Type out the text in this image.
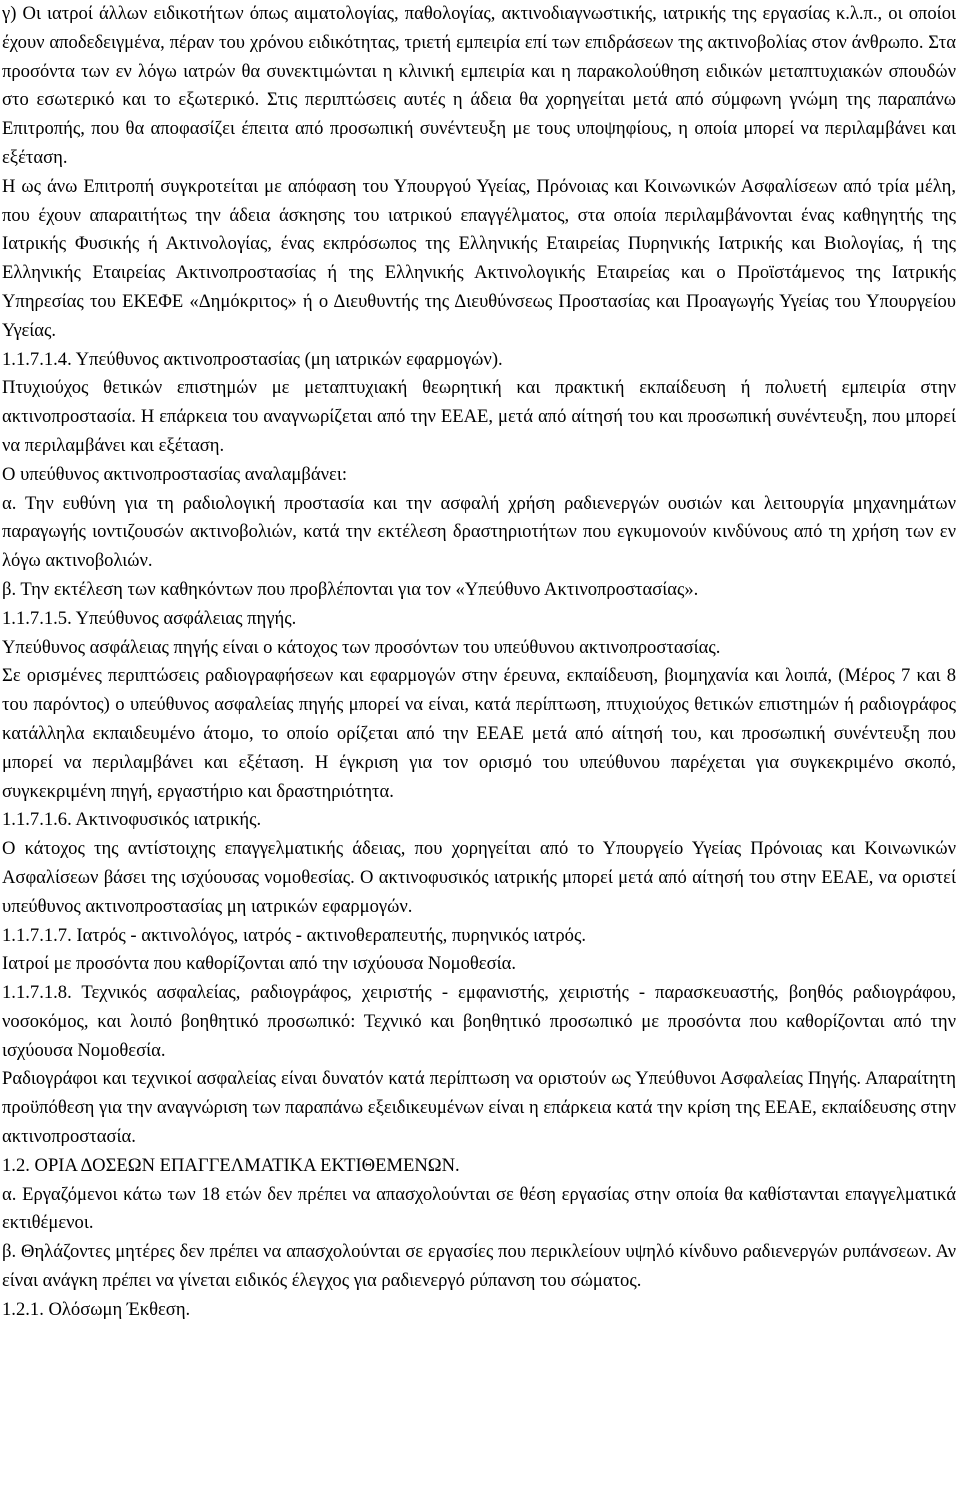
γ) Οι ιατροί άλλων ειδικοτήτων όπως αιματολογίας, παθολογίας, ακτινοδιαγνωστικής, ιατρικής της εργασίας κ.λ.π., οι οποίοι έχουν αποδεδειγμένα, πέραν του χρόνου ειδικότητας, τριετή εμπειρία επί των επιδράσεων της ακτινοβολίας στον άνθρωπο. Στα προσόντα των εν λόγω ιατρών θα συνεκτιμώνται η κλινική εμπειρία και η παρακολούθηση ειδικών μεταπτυχιακών σπουδών στο εσωτερικό και το εξωτερικό. Στις περιπτώσεις αυτές η άδεια θα χορηγείται μετά από σύμφωνη γνώμη της παραπάνω Επιτροπής, που θα αποφασίζει έπειτα από προσωπική συνέντευξη με τους υποψηφίους, η οποία μπορεί να περιλαμβάνει και εξέταση.

Η ως άνω Επιτροπή συγκροτείται με απόφαση του Υπουργού Υγείας, Πρόνοιας και Κοινωνικών Ασφαλίσεων από τρία μέλη, που έχουν απαραιτήτως την άδεια άσκησης του ιατρικού επαγγέλματος, στα οποία περιλαμβάνονται ένας καθηγητής της Ιατρικής Φυσικής ή Ακτινολογίας, ένας εκπρόσωπος της Ελληνικής Εταιρείας Πυρηνικής Ιατρικής και Βιολογίας, ή της Ελληνικής Εταιρείας Ακτινοπροστασίας ή της Ελληνικής Ακτινολογικής Εταιρείας και ο Προϊστάμενος της Ιατρικής Υπηρεσίας του ΕΚΕΦΕ «Δημόκριτος» ή ο Διευθυντής της Διευθύνσεως Προστασίας και Προαγωγής Υγείας του Υπουργείου Υγείας.

1.1.7.1.4. Υπεύθυνος ακτινοπροστασίας (μη ιατρικών εφαρμογών).

Πτυχιούχος θετικών επιστημών με μεταπτυχιακή θεωρητική και πρακτική εκπαίδευση ή πολυετή εμπειρία στην ακτινοπροστασία. Η επάρκεια του αναγνωρίζεται από την ΕΕΑΕ, μετά από αίτησή του και προσωπική συνέντευξη, που μπορεί να περιλαμβάνει και εξέταση.

Ο υπεύθυνος ακτινοπροστασίας αναλαμβάνει:

α. Την ευθύνη για τη ραδιολογική προστασία και την ασφαλή χρήση ραδιενεργών ουσιών και λειτουργία μηχανημάτων παραγωγής ιοντιζουσών ακτινοβολιών, κατά την εκτέλεση δραστηριοτήτων που εγκυμονούν κινδύνους από τη χρήση των εν λόγω ακτινοβολιών.

β. Την εκτέλεση των καθηκόντων που προβλέπονται για τον «Υπεύθυνο Ακτινοπροστασίας».

1.1.7.1.5. Υπεύθυνος ασφάλειας πηγής.

Υπεύθυνος ασφάλειας πηγής είναι ο κάτοχος των προσόντων του υπεύθυνου ακτινοπροστασίας.

Σε ορισμένες περιπτώσεις ραδιογραφήσεων και εφαρμογών στην έρευνα, εκπαίδευση, βιομηχανία και λοιπά, (Μέρος 7 και 8 του παρόντος) ο υπεύθυνος ασφαλείας πηγής μπορεί να είναι, κατά περίπτωση, πτυχιούχος θετικών επιστημών ή ραδιογράφος κατάλληλα εκπαιδευμένο άτομο, το οποίο ορίζεται από την ΕΕΑΕ μετά από αίτησή του, και προσωπική συνέντευξη που μπορεί να περιλαμβάνει και εξέταση. Η έγκριση για τον ορισμό του υπεύθυνου παρέχεται για συγκεκριμένο σκοπό, συγκεκριμένη πηγή, εργαστήριο και δραστηριότητα.

1.1.7.1.6. Ακτινοφυσικός ιατρικής.

Ο κάτοχος της αντίστοιχης επαγγελματικής άδειας, που χορηγείται από το Υπουργείο Υγείας Πρόνοιας και Κοινωνικών Ασφαλίσεων βάσει της ισχύουσας νομοθεσίας. Ο ακτινοφυσικός ιατρικής μπορεί μετά από αίτησή του στην ΕΕΑΕ, να οριστεί υπεύθυνος ακτινοπροστασίας μη ιατρικών εφαρμογών.

1.1.7.1.7. Ιατρός - ακτινολόγος, ιατρός - ακτινοθεραπευτής, πυρηνικός ιατρός.

Ιατροί με προσόντα που καθορίζονται από την ισχύουσα Νομοθεσία.

1.1.7.1.8. Τεχνικός ασφαλείας, ραδιογράφος, χειριστής - εμφανιστής, χειριστής - παρασκευαστής, βοηθός ραδιογράφου, νοσοκόμος, και λοιπό βοηθητικό προσωπικό: Τεχνικό και βοηθητικό προσωπικό με προσόντα που καθορίζονται από την ισχύουσα Νομοθεσία.

Ραδιογράφοι και τεχνικοί ασφαλείας είναι δυνατόν κατά περίπτωση να οριστούν ως Υπεύθυνοι Ασφαλείας Πηγής. Απαραίτητη προϋπόθεση για την αναγνώριση των παραπάνω εξειδικευμένων είναι η επάρκεια κατά την κρίση της ΕΕΑΕ, εκπαίδευσης στην ακτινοπροστασία.

1.2. ΟΡΙΑ ΔΟΣΕΩΝ ΕΠΑΓΓΕΛΜΑΤΙΚΑ ΕΚΤΙΘΕΜΕΝΩΝ.

α. Εργαζόμενοι κάτω των 18 ετών δεν πρέπει να απασχολούνται σε θέση εργασίας στην οποία θα καθίστανται επαγγελματικά εκτιθέμενοι.

β. Θηλάζοντες μητέρες δεν πρέπει να απασχολούνται σε εργασίες που περικλείουν υψηλό κίνδυνο ραδιενεργών ρυπάνσεων. Αν είναι ανάγκη πρέπει να γίνεται ειδικός έλεγχος για ραδιενεργό ρύπανση του σώματος.

1.2.1. Ολόσωμη Έκθεση.
